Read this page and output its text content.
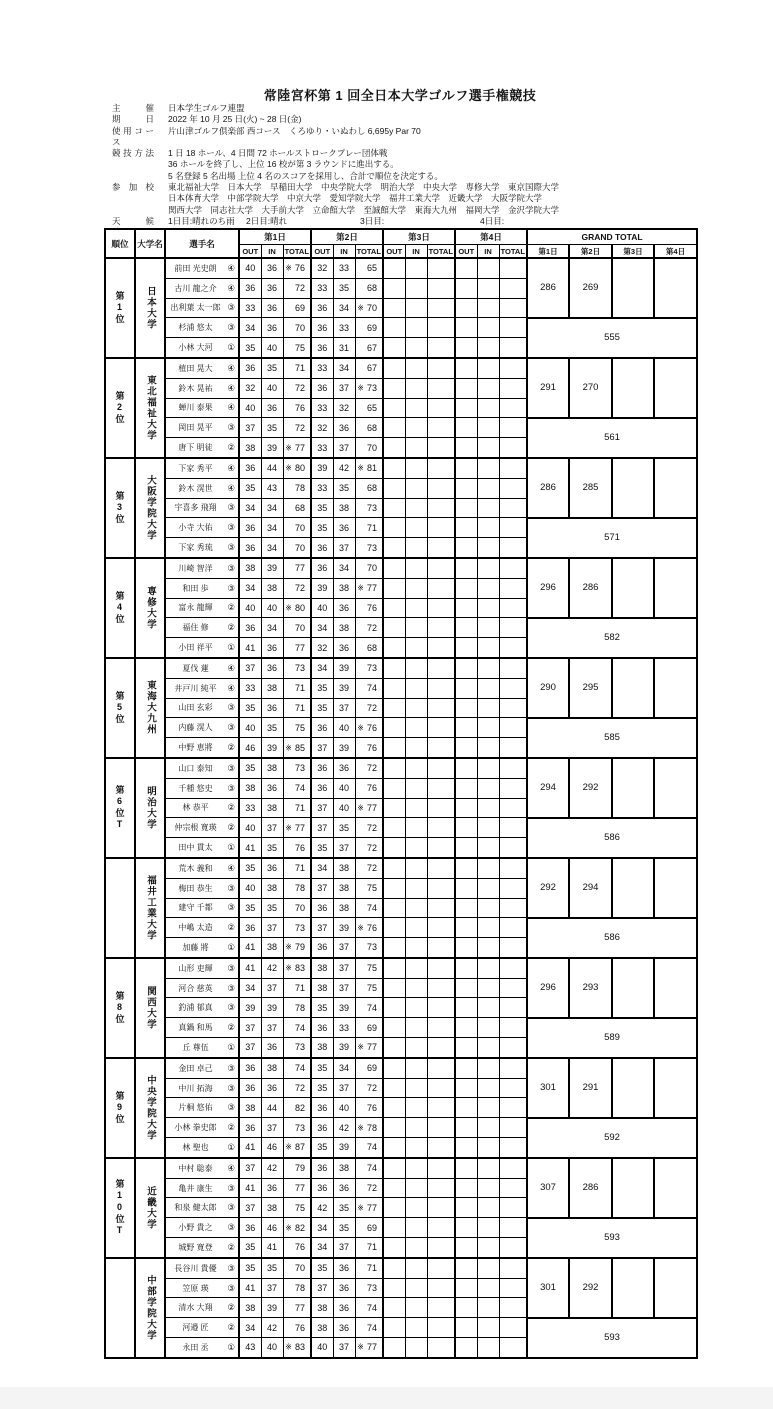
常陸宮杯第 1 回全日本大学ゴルフ選手権競技
主催 日本学生ゴルフ連盟
期日 2022 年 10 月 25 日(火) ~ 28 日(金)
使用コース
片山津ゴルフ倶楽部 西コース　くろゆり・いぬわし 6,695y Par 70
競技方法 1 日 18 ホール、4 日間 72 ホールストロークプレー団体戦
36 ホールを終了し、上位 16 校が第 3 ラウンドに進出する。
5 名登録 5 名出場 上位 4 名のスコアを採用し、合計で順位を決定する。
参加校 東北福祉大学　日本大学　早稲田大学　中央学院大学　明治大学　中央大学　専修大学　東京国際大学
日本体育大学　中部学院大学　中京大学　愛知学院大学　福井工業大学　近畿大学　大阪学院大学
関西大学　同志社大学　大手前大学　立命館大学　至誠館大学　東海大九州　福岡大学　金沢学院大学
天候 1日目:晴れのち雨	2日目:晴れ	3日目:	4日目:
順位	大学名	選手名	第1日			第2日			第3日			第4日			GRAND TOTAL			
			OUT	IN	TOTAL	OUT	IN	TOTAL	OUT	IN	TOTAL	OUT	IN	TOTAL	第1日	第2日	第3日	第4日

第1位	日本大学	前田 光史朗 ④	40	36	※ 76	32	33	65							286	269		

		古川 龍之介 ④	36	36	72	33	35	68										

		出利葉 太一郎 ③	33	36	69	36	34	※ 70										

		杉浦 悠太 ③	34	36	70	36	33	69							555			

		小林 大河 ①	35	40	75	36	31	67										

第2位	東北福祉大学	植田 晃大 ④	36	35	71	33	34	67							291	270		

		鈴木 晃祐 ④	32	40	72	36	37	※ 73										

		蝉川 泰果 ④	40	36	76	33	32	65										

		岡田 晃平 ③	37	35	72	32	36	68							561			

		唐下 明徒 ②	38	39	※ 77	33	37	70										

第3位	大阪学院大学	下家 秀平 ④	36	44	※ 80	39	42	※ 81							286	285		

		鈴木 滉世 ④	35	43	78	33	35	68										

		宇喜多 飛翔 ③	34	34	68	35	38	73										

		小寺 大佑 ③	36	34	70	35	36	71							571			

		下家 秀琉 ③	36	34	70	36	37	73										

第4位	専修大学	川崎 智洋 ③	38	39	77	36	34	70							296	286		

		和田 歩 ③	34	38	72	39	38	※ 77										

		富永 龍輝 ②	40	40	※ 80	40	36	76										

		福住 修 ②	36	34	70	34	38	72							582			

		小田 祥平 ①	41	36	77	32	36	68										

第5位	東海大九州	夏伐 蓮 ④	37	36	73	34	39	73							290	295		

		井戸川 純平 ④	33	38	71	35	39	74										

		山田 玄彩 ③	35	36	71	35	37	72										

		内藤 滉人 ③	40	35	75	36	40	※ 76							585			

		中野 恵將 ②	46	39	※ 85	37	39	76										

第6位T	明治大学	山口 泰知 ③	35	38	73	36	36	72							294	292		

		千種 悠史 ③	38	36	74	36	40	76										

		林 恭平 ②	33	38	71	37	40	※ 77										

		仲宗根 寛瑛 ②	40	37	※ 77	37	35	72							586			

		田中 貫太 ①	41	35	76	35	37	72										

	福井工業大学	荒木 義和 ④	35	36	71	34	38	72							292	294		

		梅田 恭生 ③	40	38	78	37	38	75										

		建守 千都 ③	35	35	70	36	38	74										

		中嶋 太造 ②	36	37	73	37	39	※ 76							586			

		加藤 將 ①	41	38	※ 79	36	37	73										

第8位	関西大学	山形 吏輝 ③	41	42	※ 83	38	37	75							296	293		

		河合 慈英 ③	34	37	71	38	37	75										

		釣浦 郁真 ③	39	39	78	35	39	74										

		真鍋 和馬 ②	37	37	74	36	33	69							589			

		丘 尊伍 ①	37	36	73	38	39	※ 77										

第9位	中央学院大学	金田 卓己 ③	36	38	74	35	34	69							301	291		

		中川 拓海 ③	36	36	72	35	37	72										

		片桐 悠佑 ③	38	44	82	36	40	76										

		小林 拳史郎 ②	36	37	73	36	42	※ 78							592			

		林 聖也 ①	41	46	※ 87	35	39	74										

第10位T	近畿大学	中村 聡泰 ④	37	42	79	36	38	74							307	286		

		亀井 康生 ③	41	36	77	36	36	72										

		和泉 健太郎 ③	37	38	75	42	35	※ 77										

		小野 貴之 ③	36	46	※ 82	34	35	69							593			

		城野 寛登 ②	35	41	76	34	37	71										

	中部学院大学	長谷川 貴優 ③	35	35	70	35	36	71							301	292		

		笠原 瑛 ③	41	37	78	37	36	73										

		清水 大翔 ②	38	39	77	38	36	74										

		河邉 匠 ②	34	42	76	38	36	74							593			

		永田 丞 ①	43	40	※ 83	40	37	※ 77										
